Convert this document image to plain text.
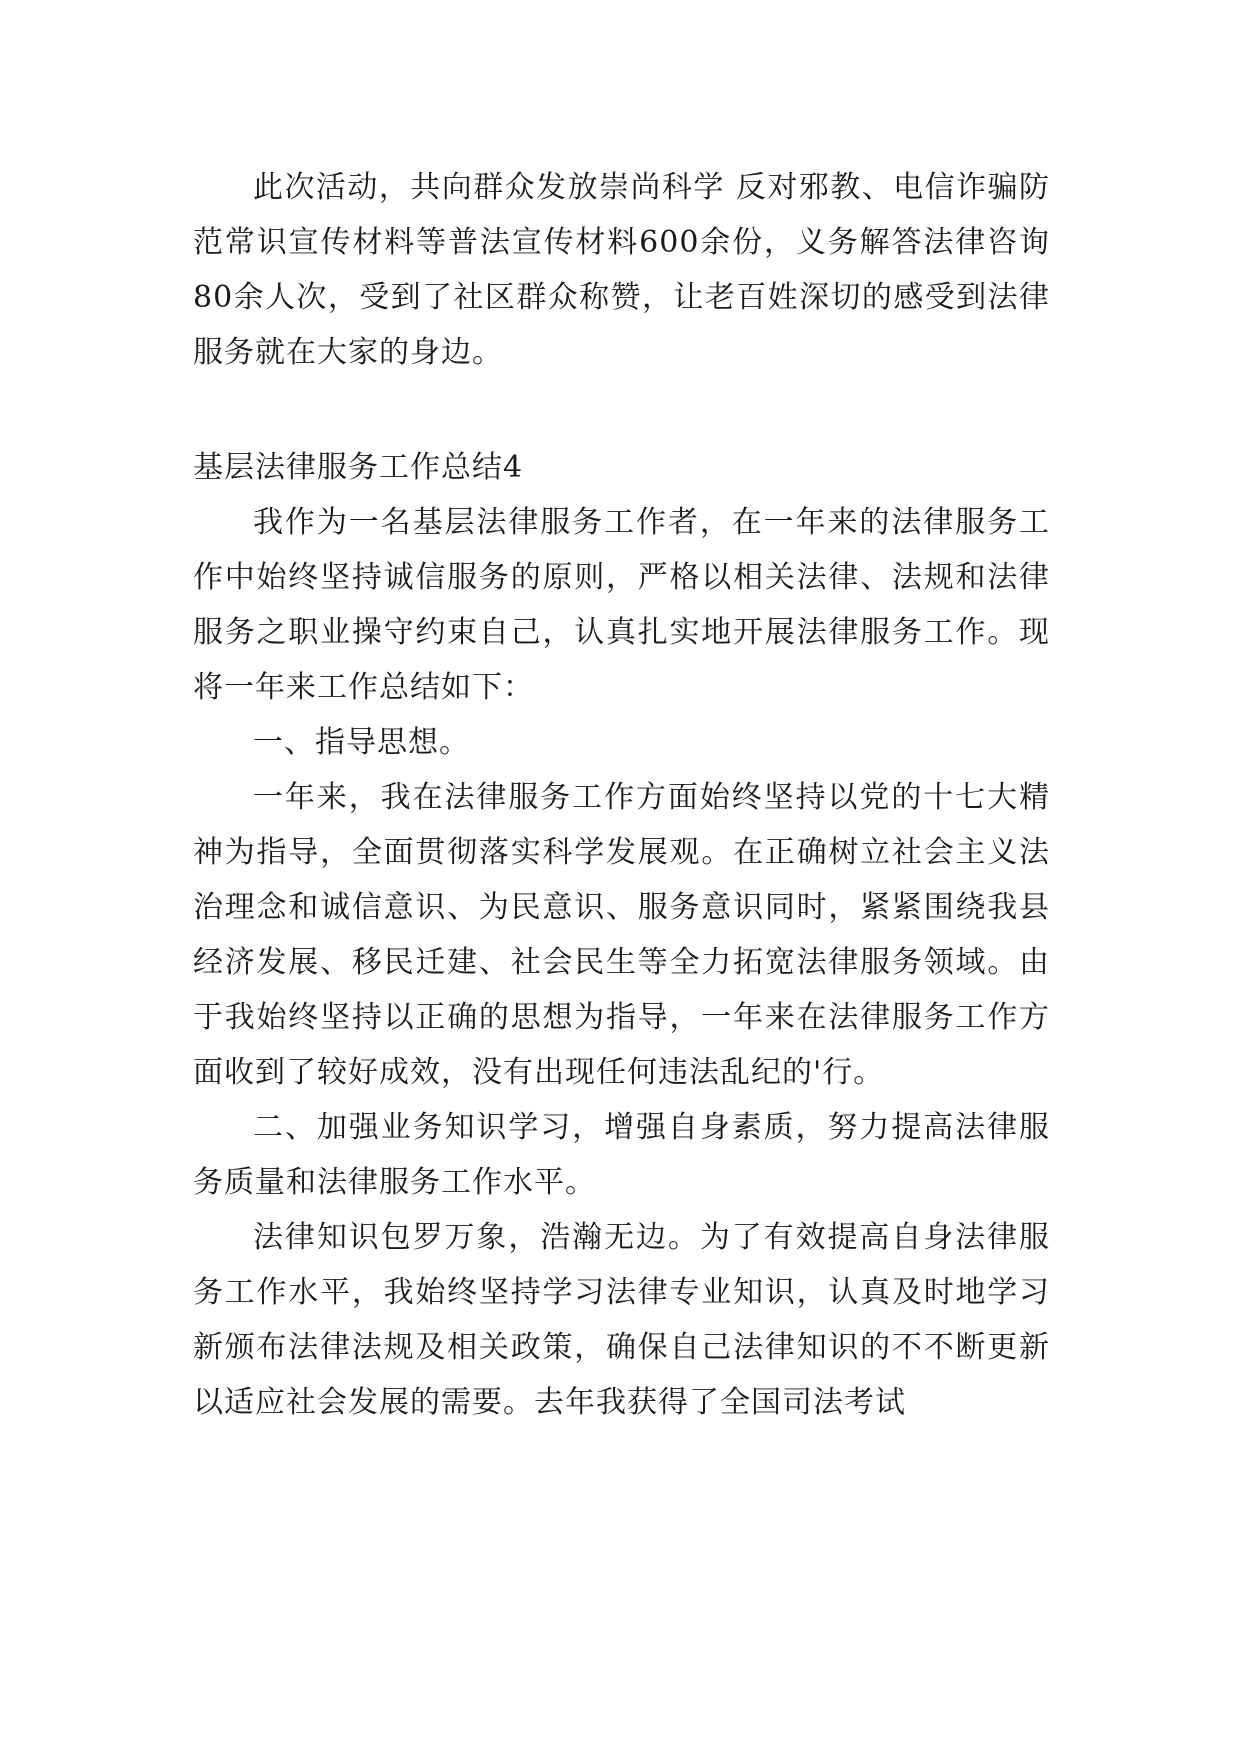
此次活动，共向群众发放崇尚科学 反对邪教、电信诈骗防范常识宣传材料等普法宣传材料600余份，义务解答法律咨询80余人次，受到了社区群众称赞，让老百姓深切的感受到法律服务就在大家的身边。

基层法律服务工作总结4

我作为一名基层法律服务工作者，在一年来的法律服务工作中始终坚持诚信服务的原则，严格以相关法律、法规和法律服务之职业操守约束自己，认真扎实地开展法律服务工作。现将一年来工作总结如下：

一、指导思想。

一年来，我在法律服务工作方面始终坚持以党的十七大精神为指导，全面贯彻落实科学发展观。在正确树立社会主义法治理念和诚信意识、为民意识、服务意识同时，紧紧围绕我县经济发展、移民迁建、社会民生等全力拓宽法律服务领域。由于我始终坚持以正确的思想为指导，一年来在法律服务工作方面收到了较好成效，没有出现任何违法乱纪的'行。

二、加强业务知识学习，增强自身素质，努力提高法律服务质量和法律服务工作水平。

法律知识包罗万象，浩瀚无边。为了有效提高自身法律服务工作水平，我始终坚持学习法律专业知识，认真及时地学习新颁布法律法规及相关政策，确保自己法律知识的不不断更新以适应社会发展的需要。去年我获得了全国司法考试
